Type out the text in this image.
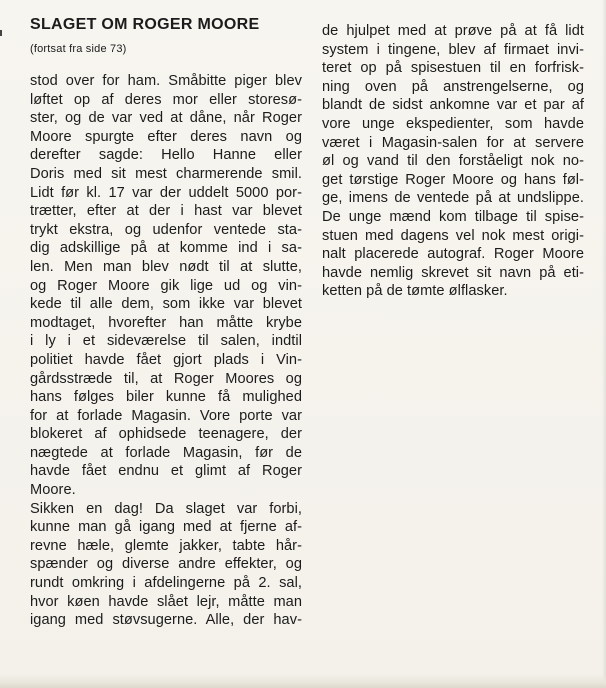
SLAGET OM ROGER MOORE
(fortsat fra side 73)
stod over for ham. Småbitte piger blev
løftet op af deres mor eller storesø-
ster, og de var ved at dåne, når Roger
Moore spurgte efter deres navn og
derefter sagde: Hello Hanne eller
Doris med sit mest charmerende smil.
Lidt før kl. 17 var der uddelt 5000 por-
trætter, efter at der i hast var blevet
trykt ekstra, og udenfor ventede sta-
dig adskillige på at komme ind i sa-
len. Men man blev nødt til at slutte,
og Roger Moore gik lige ud og vin-
kede til alle dem, som ikke var blevet
modtaget, hvorefter han måtte krybe
i ly i et sideværelse til salen, indtil
politiet havde fået gjort plads i Vin-
gårdsstræde til, at Roger Moores og
hans følges biler kunne få mulighed
for at forlade Magasin. Vore porte var
blokeret af ophidsede teenagere, der
nægtede at forlade Magasin, før de
havde fået endnu et glimt af Roger
Moore.
Sikken en dag! Da slaget var forbi,
kunne man gå igang med at fjerne af-
revne hæle, glemte jakker, tabte hår-
spænder og diverse andre effekter, og
rundt omkring i afdelingerne på 2. sal,
hvor køen havde slået lejr, måtte man
igang med støvsugerne. Alle, der hav-
de hjulpet med at prøve på at få lidt
system i tingene, blev af firmaet invi-
teret op på spisestuen til en forfrisk-
ning oven på anstrengelserne, og
blandt de sidst ankomne var et par af
vore unge ekspedienter, som havde
været i Magasin-salen for at servere
øl og vand til den forståeligt nok no-
get tørstige Roger Moore og hans føl-
ge, imens de ventede på at undslippe.
De unge mænd kom tilbage til spise-
stuen med dagens vel nok mest origi-
nalt placerede autograf. Roger Moore
havde nemlig skrevet sit navn på eti-
ketten på de tømte ølflasker.
